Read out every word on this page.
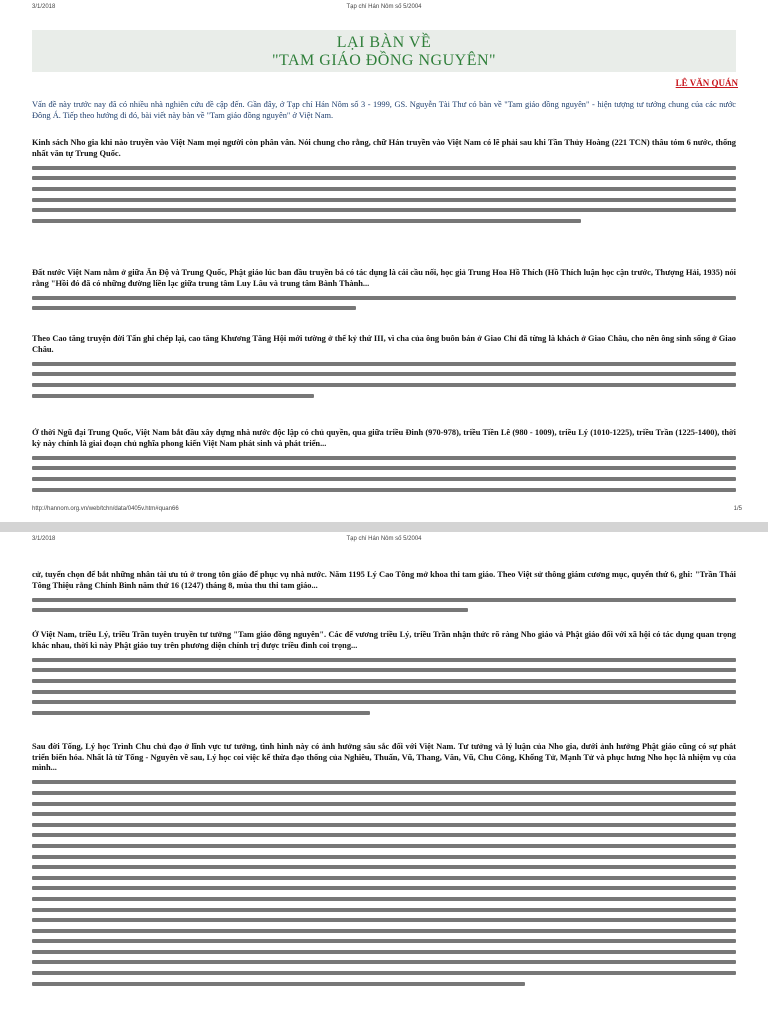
3/1/2018	Tạp chí Hán Nôm số 5/2004
LẠI BÀN VỀ
"TAM GIÁO ĐỒNG NGUYÊN"
LÊ VĂN QUÁN
Vấn đề này trước nay đã có nhiều nhà nghiên cứu đề cập đến. Gần đây, ở Tạp chí Hán Nôm số 3 - 1999, GS. Nguyễn Tài Thư có bàn về "Tam giáo đồng nguyên" - hiện tượng tư tưởng chung của các nước Đông Á. Tiếp theo hướng đi đó, bài viết này bàn về "Tam giáo đồng nguyên" ở Việt Nam.
Kinh sách Nho gia khi nào truyền vào Việt Nam mọi người còn phân vân. Nói chung cho rằng, chữ Hán truyền vào Việt Nam có lẽ phải sau khi Tần Thủy Hoàng (221 TCN) thâu tóm 6 nước, thống nhất văn tự Trung Quốc.
Đất nước Việt Nam nằm ở giữa Ấn Độ và Trung Quốc, Phật giáo lúc ban đầu truyền bá có tác dụng là cái cầu nối, học giả Trung Hoa Hồ Thích (Hồ Thích luận học cận trước, Thượng Hải, 1935) nói rằng "Hồi đó đã có những đường liền lạc giữa trung tâm Luy Lâu và trung tâm Bành Thành...
Theo Cao tăng truyện đời Tấn ghi chép lại, cao tăng Khương Tăng Hội mới tường ở thế kỷ thứ III, vì cha của ông buôn bán ở Giao Chỉ đã từng là khách ở Giao Châu, cho nên ông sinh sống ở Giao Châu.
Ở thời Ngũ đại Trung Quốc, Việt Nam bắt đầu xây dựng nhà nước độc lập có chủ quyền, qua giữa triều Đinh (970-978), triều Tiền Lê (980 - 1009), triều Lý (1010-1225), triều Trần (1225-1400), thời kỳ này chính là giai đoạn chủ nghĩa phong kiến Việt Nam phát sinh và phát triển...
http://hannom.org.vn/web/tchn/data/0405v.htm#quan66	1/5
3/1/2018	Tạp chí Hán Nôm số 5/2004
cử, tuyển chọn để bắt những nhân tài ưu tú ở trong tôn giáo để phục vụ nhà nước. Năm 1195 Lý Cao Tông mở khoa thi tam giáo. Theo Việt sử thông giám cương mục, quyển thứ 6, ghi: "Trần Thái Tông Thiệu rằng Chính Bình năm thứ 16 (1247) tháng 8, mùa thu thi tam giáo...
Ở Việt Nam, triều Lý, triều Trần tuyên truyền tư tưởng "Tam giáo đồng nguyên". Các đế vương triều Lý, triều Trần nhận thức rõ ràng Nho giáo và Phật giáo đối với xã hội có tác dụng quan trọng khác nhau, thời kì này Phật giáo tuy trên phương diện chính trị được triều đình coi trọng...
Sau đời Tống, Lý học Trình Chu chủ đạo ở lĩnh vực tư tưởng, tình hình này có ảnh hưởng sâu sắc đối với Việt Nam. Tư tưởng và lý luận của Nho gia, dưới ảnh hưởng Phật giáo cũng có sự phát triển biến hóa. Nhất là từ Tống - Nguyên về sau, Lý học coi việc kế thừa đạo thống của Nghiêu, Thuấn, Vũ, Thang, Văn, Vũ, Chu Công, Khổng Tử, Mạnh Tử và phục hưng Nho học là nhiệm vụ của mình...
